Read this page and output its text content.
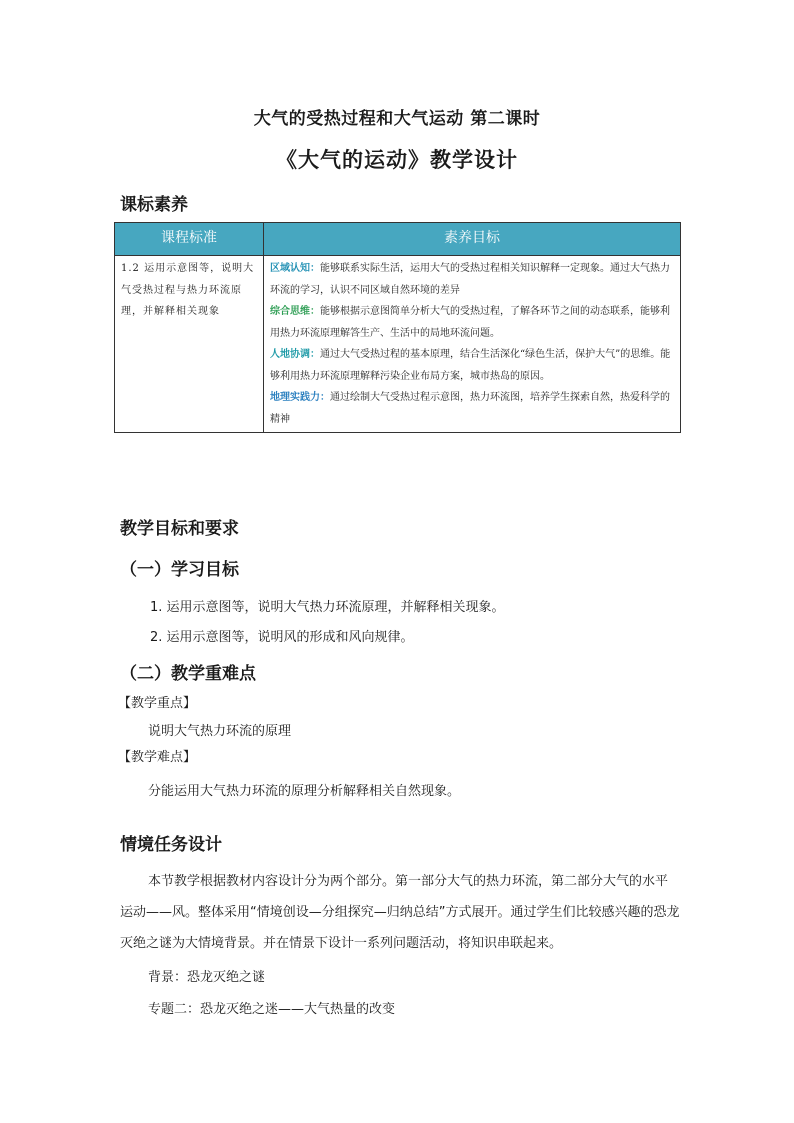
大气的受热过程和大气运动 第二课时
《大气的运动》教学设计
课标素养
课程标准	素养目标
1.2 运用示意图等，说明大气受热过程与热力环流原理，并解释相关现象	区域认知：能够联系实际生活，运用大气的受热过程相关知识解释一定现象。通过大气热力环流的学习，认识不同区域自然环境的差异

综合思维：能够根据示意图简单分析大气的受热过程，了解各环节之间的动态联系，能够利用热力环流原理解答生产、生活中的局地环流问题。

人地协调：通过大气受热过程的基本原理，结合生活深化“绿色生活，保护大气”的思维。能够利用热力环流原理解释污染企业布局方案，城市热岛的原因。

地理实践力：通过绘制大气受热过程示意图，热力环流图，培养学生探索自然，热爱科学的精神

教学目标和要求
（一）学习目标
1. 运用示意图等，说明大气热力环流原理，并解释相关现象。
2. 运用示意图等，说明风的形成和风向规律。
（二）教学重难点
【教学重点】
说明大气热力环流的原理
【教学难点】
分能运用大气热力环流的原理分析解释相关自然现象。
情境任务设计

本节教学根据教材内容设计分为两个部分。第一部分大气的热力环流，第二部分大气的水平运动——风。整体采用“情境创设—分组探究—归纳总结”方式展开。通过学生们比较感兴趣的恐龙灭绝之谜为大情境背景。并在情景下设计一系列问题活动，将知识串联起来。

背景：恐龙灭绝之谜
专题二：恐龙灭绝之迷——大气热量的改变
